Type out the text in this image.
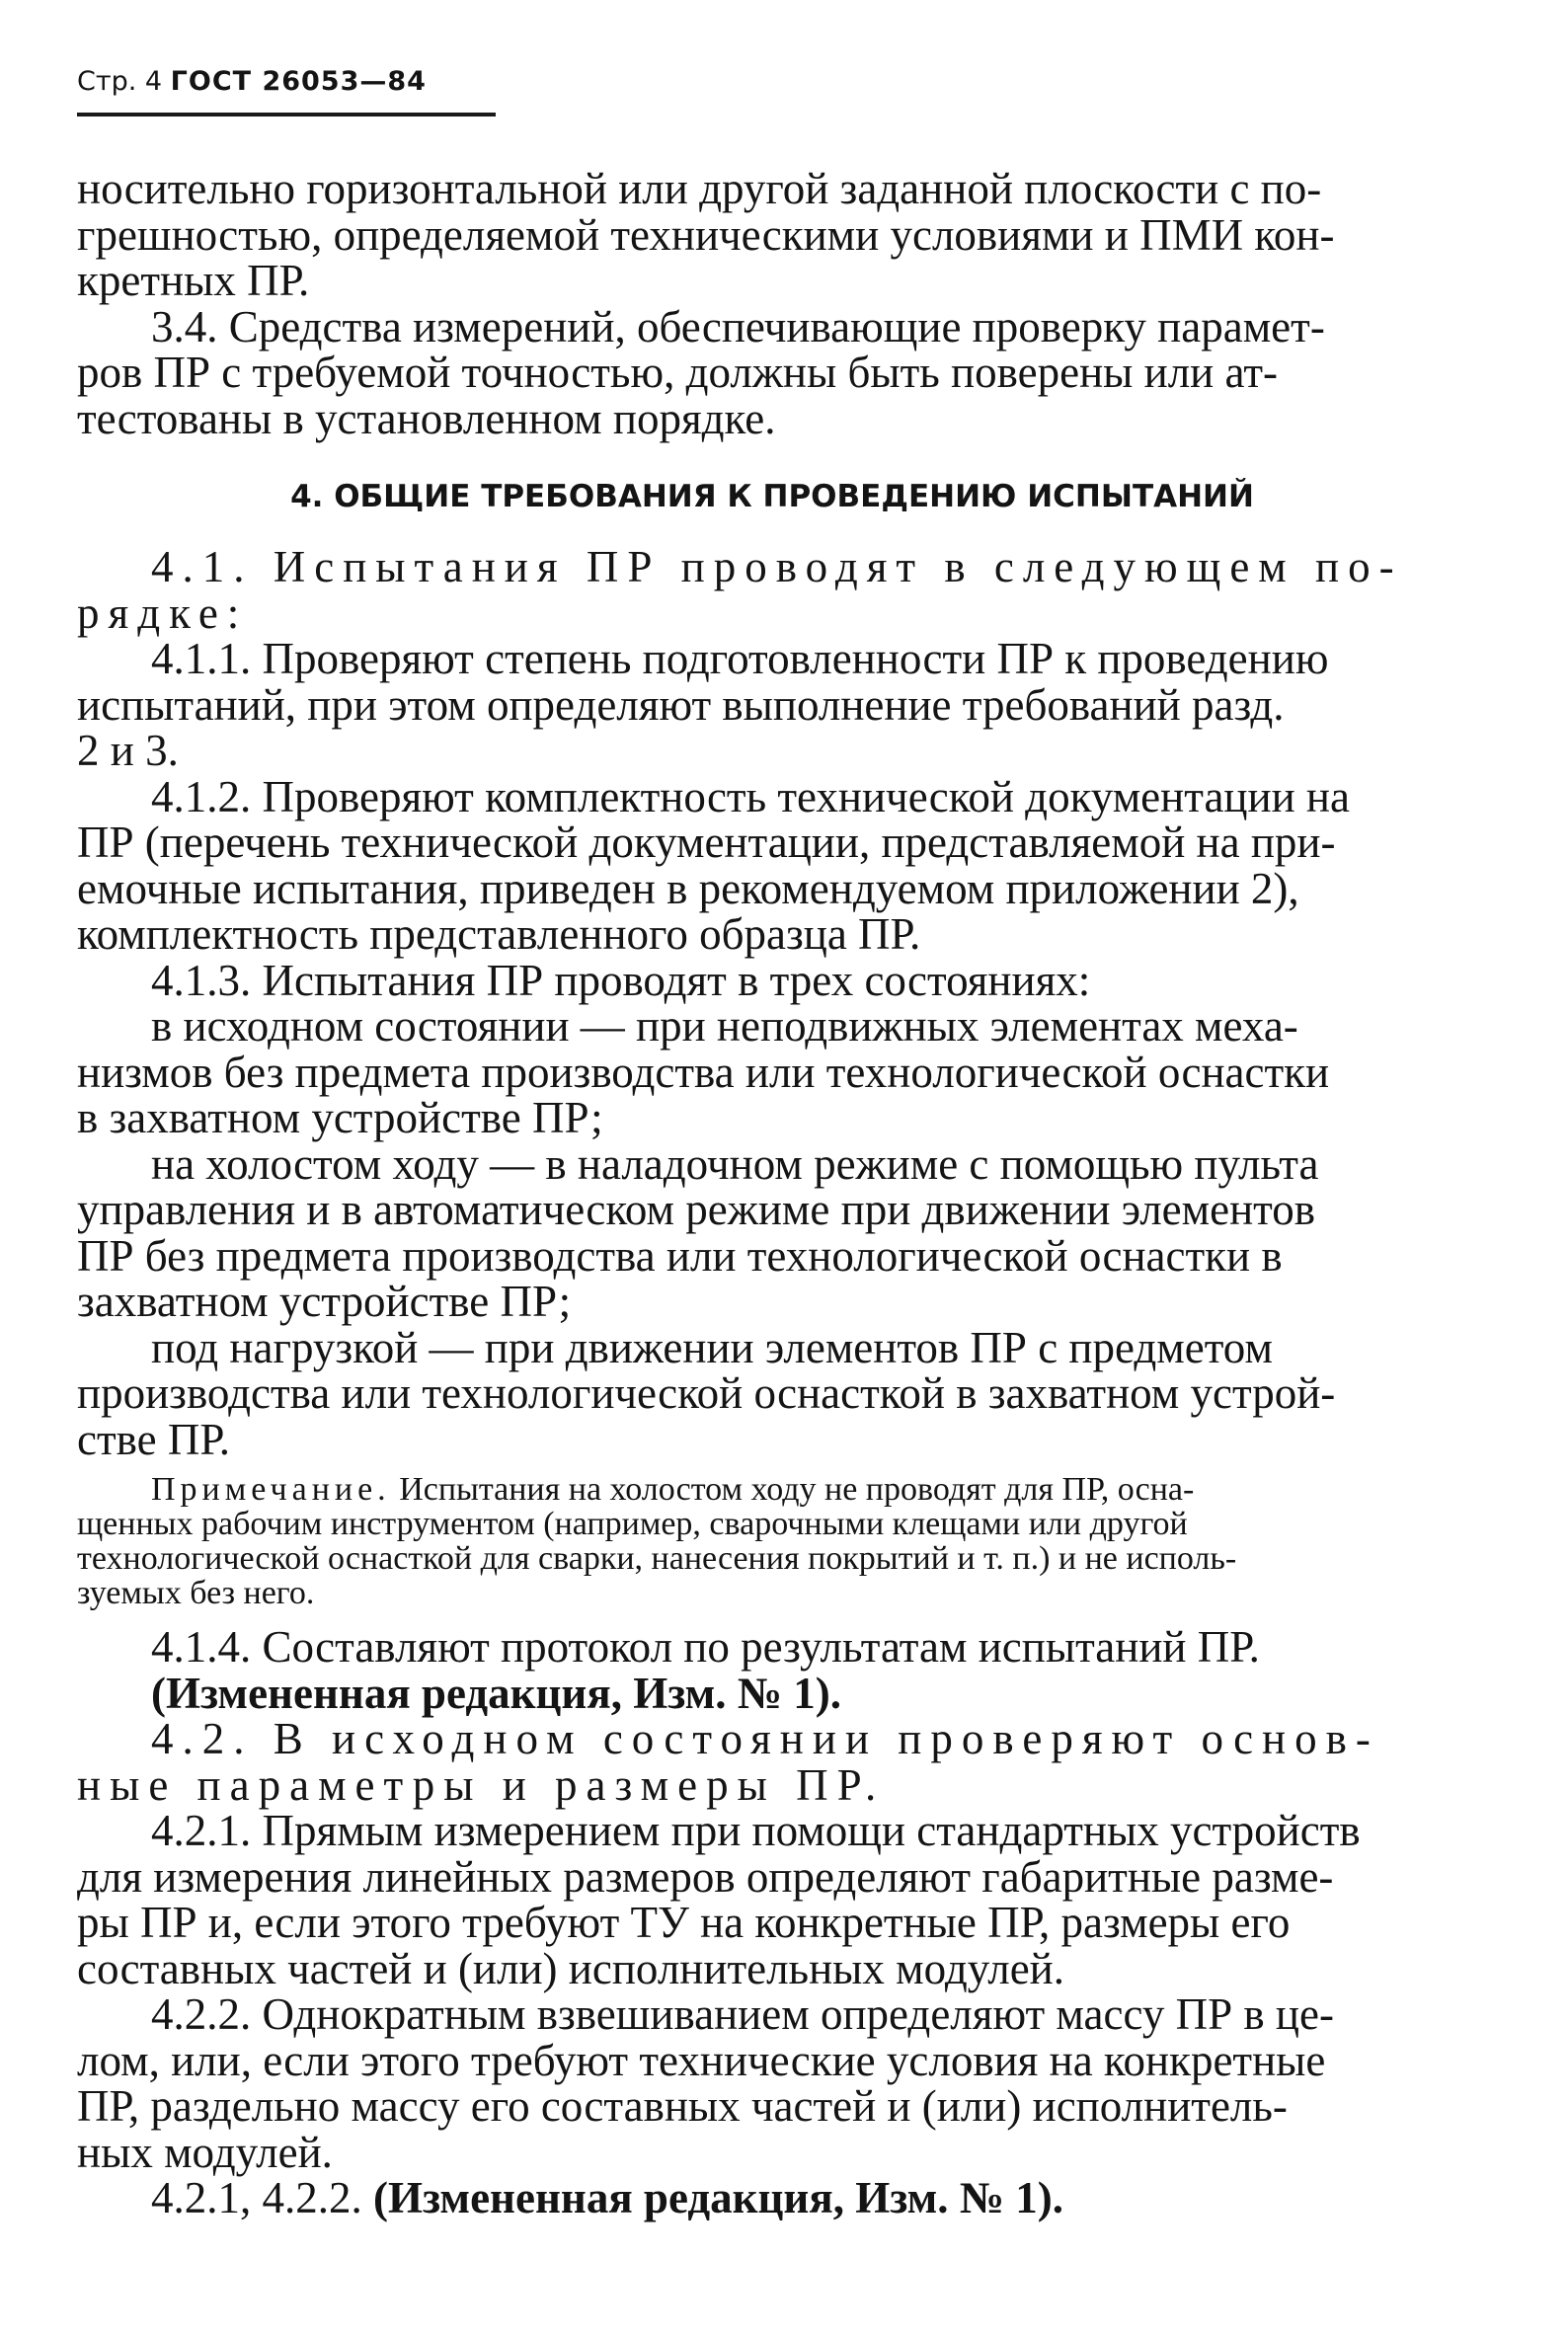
Стр. 4 ГОСТ 26053—84

носительно горизонтальной или другой заданной плоскости с по-
грешностью, определяемой техническими условиями и ПМИ кон-
кретных ПР.

3.4. Средства измерений, обеспечивающие проверку парамет-
ров ПР с требуемой точностью, должны быть поверены или ат-
тестованы в установленном порядке.

4. ОБЩИЕ ТРЕБОВАНИЯ К ПРОВЕДЕНИЮ ИСПЫТАНИЙ

4.1. Испытания ПР проводят в следующем по-
рядке:

4.1.1. Проверяют степень подготовленности ПР к проведению
испытаний, при этом определяют выполнение требований разд.
2 и 3.

4.1.2. Проверяют комплектность технической документации на
ПР (перечень технической документации, представляемой на при-
емочные испытания, приведен в рекомендуемом приложении 2),
комплектность представленного образца ПР.

4.1.3. Испытания ПР проводят в трех состояниях:

в исходном состоянии — при неподвижных элементах меха-
низмов без предмета производства или технологической оснастки
в захватном устройстве ПР;

на холостом ходу — в наладочном режиме с помощью пульта
управления и в автоматическом режиме при движении элементов
ПР без предмета производства или технологической оснастки в
захватном устройстве ПР;

под нагрузкой — при движении элементов ПР с предметом
производства или технологической оснасткой в захватном устрой-
стве ПР.

Примечание. Испытания на холостом ходу не проводят для ПР, осна-
щенных рабочим инструментом (например, сварочными клещами или другой
технологической оснасткой для сварки, нанесения покрытий и т. п.) и не исполь-
зуемых без него.

4.1.4. Составляют протокол по результатам испытаний ПР.

(Измененная редакция, Изм. № 1).

4.2. В исходном состоянии проверяют основ-
ные параметры и размеры ПР.

4.2.1. Прямым измерением при помощи стандартных устройств
для измерения линейных размеров определяют габаритные разме-
ры ПР и, если этого требуют ТУ на конкретные ПР, размеры его
составных частей и (или) исполнительных модулей.

4.2.2. Однократным взвешиванием определяют массу ПР в це-
лом, или, если этого требуют технические условия на конкретные
ПР, раздельно массу его составных частей и (или) исполнитель-
ных модулей.

4.2.1, 4.2.2. (Измененная редакция, Изм. № 1).
